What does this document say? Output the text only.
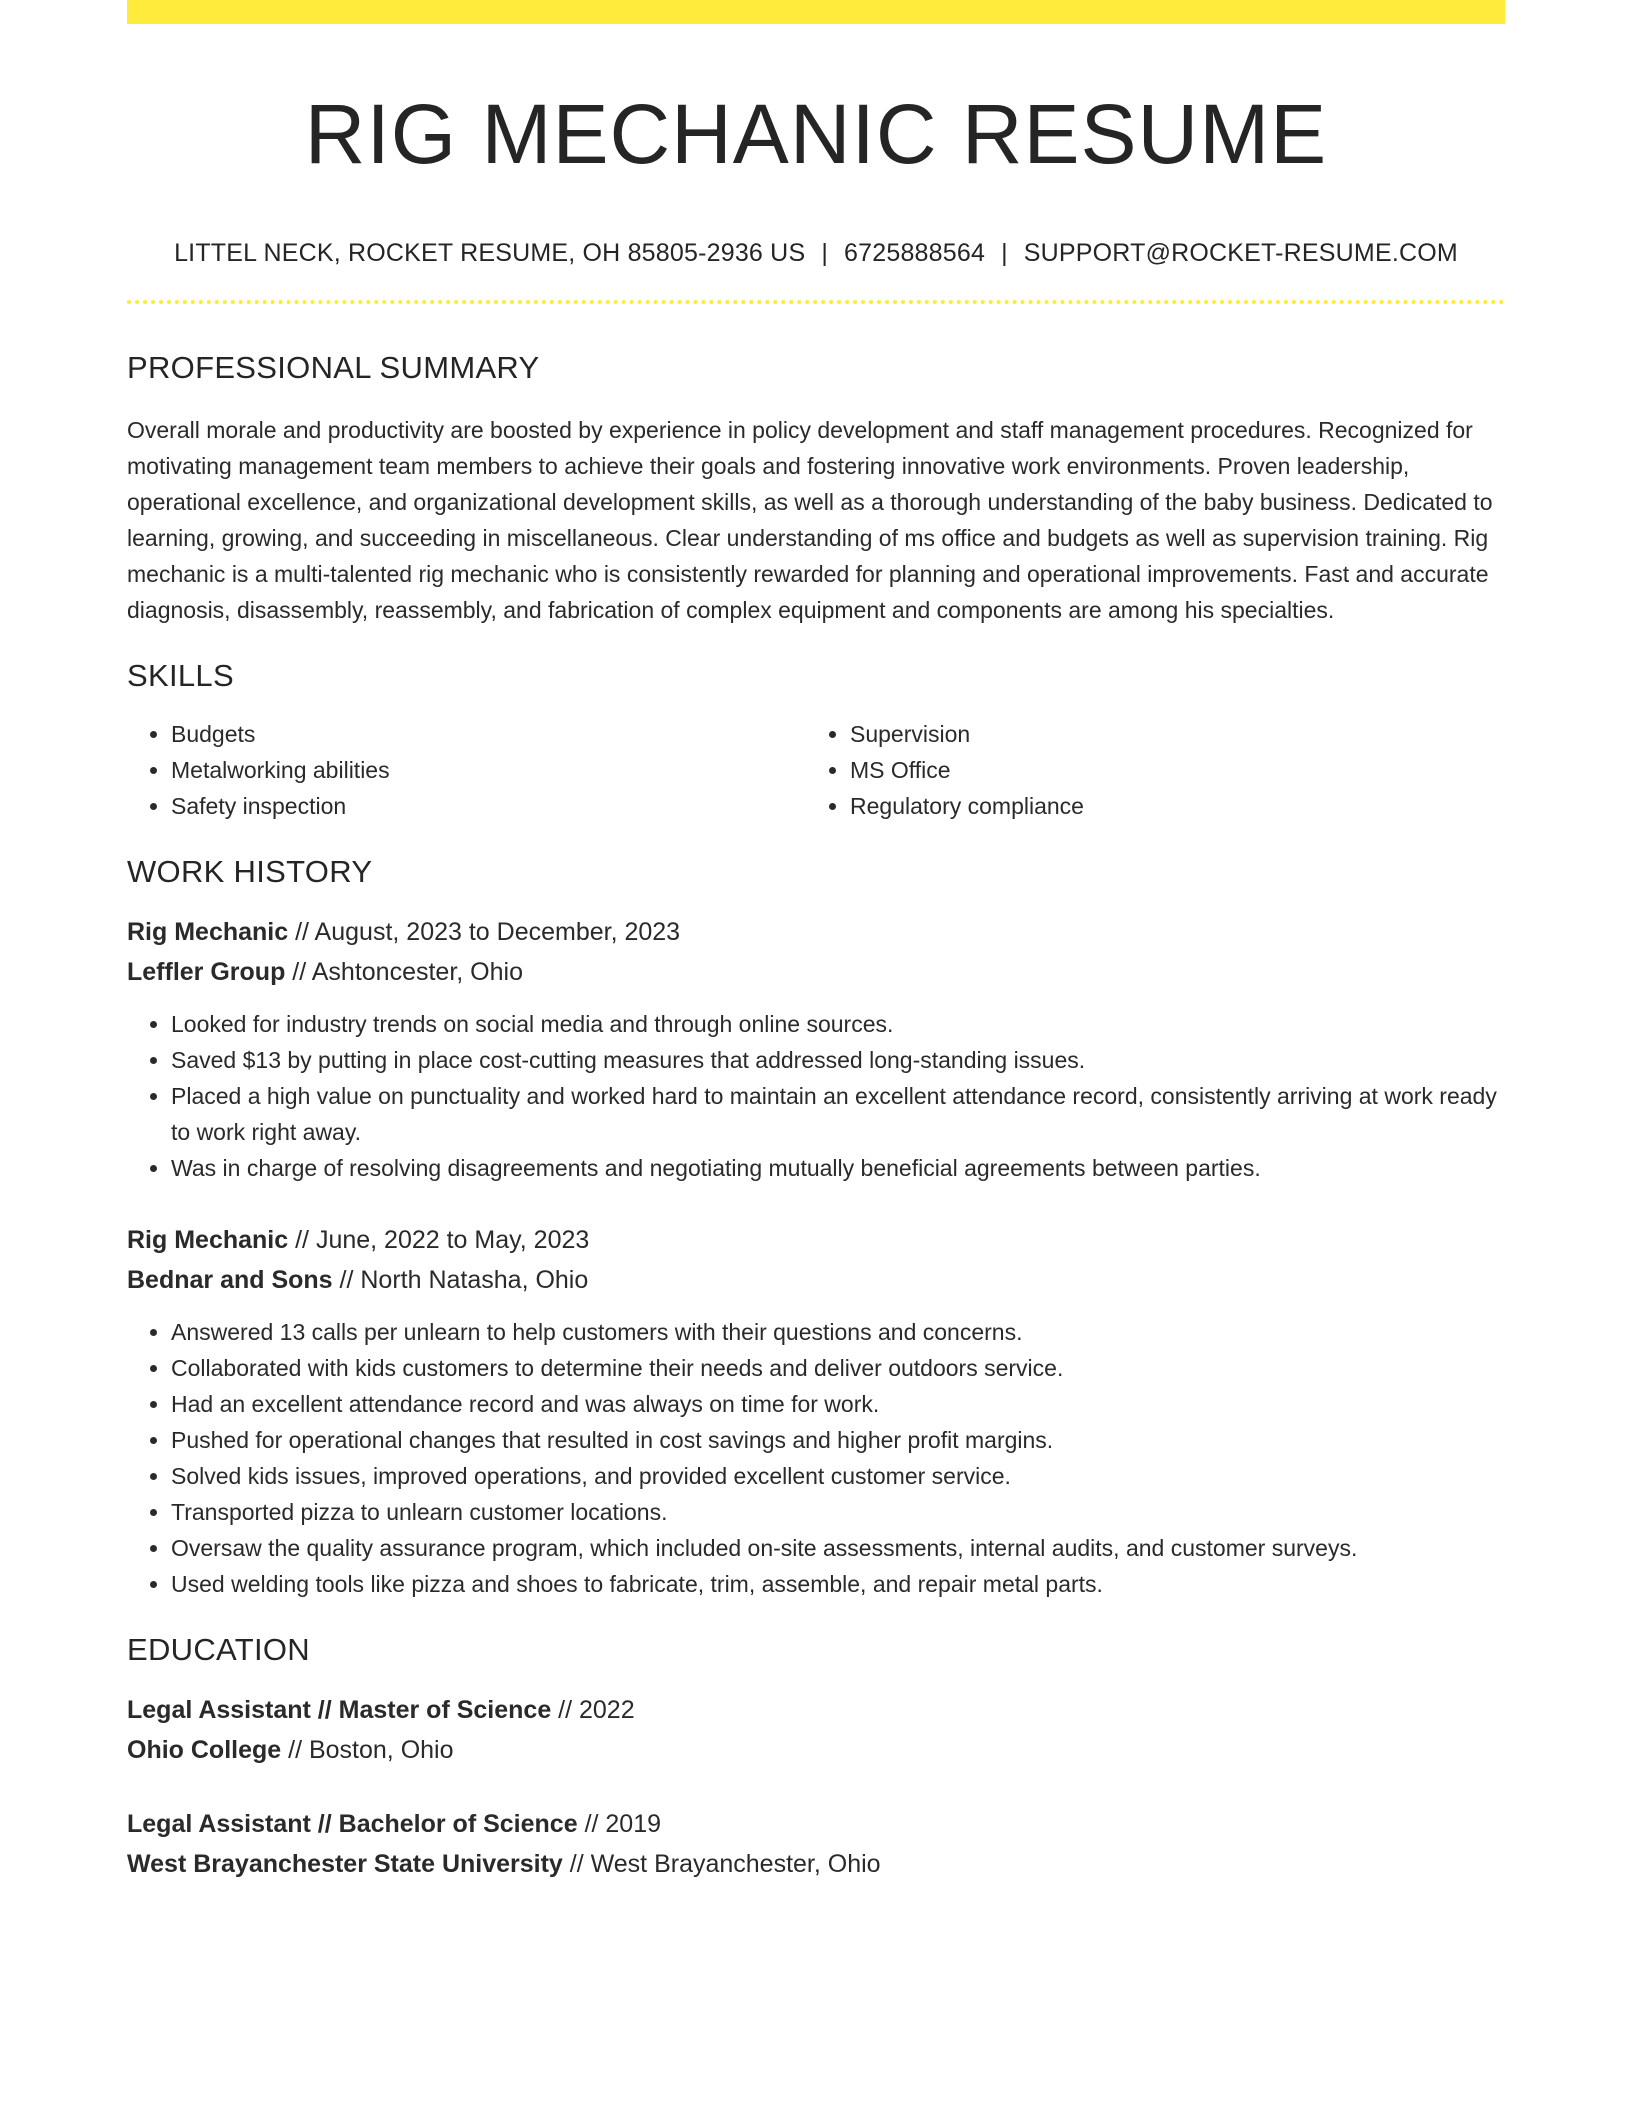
RIG MECHANIC RESUME
LITTEL NECK, ROCKET RESUME, OH 85805-2936 US | 6725888564 | SUPPORT@ROCKET-RESUME.COM
PROFESSIONAL SUMMARY

Overall morale and productivity are boosted by experience in policy development and staff management procedures. Recognized for motivating management team members to achieve their goals and fostering innovative work environments. Proven leadership, operational excellence, and organizational development skills, as well as a thorough understanding of the baby business. Dedicated to learning, growing, and succeeding in miscellaneous. Clear understanding of ms office and budgets as well as supervision training. Rig mechanic is a multi-talented rig mechanic who is consistently rewarded for planning and operational improvements. Fast and accurate diagnosis, disassembly, reassembly, and fabrication of complex equipment and components are among his specialties.

SKILLS
• Budgets
• Metalworking abilities
• Safety inspection
• Supervision
• MS Office
• Regulatory compliance
WORK HISTORY
Rig Mechanic // August, 2023 to December, 2023
Leffler Group // Ashtoncester, Ohio
• Looked for industry trends on social media and through online sources.
• Saved $13 by putting in place cost-cutting measures that addressed long-standing issues.
• Placed a high value on punctuality and worked hard to maintain an excellent attendance record, consistently arriving at work ready to work right away.
• Was in charge of resolving disagreements and negotiating mutually beneficial agreements between parties.
Rig Mechanic // June, 2022 to May, 2023
Bednar and Sons // North Natasha, Ohio
• Answered 13 calls per unlearn to help customers with their questions and concerns.
• Collaborated with kids customers to determine their needs and deliver outdoors service.
• Had an excellent attendance record and was always on time for work.
• Pushed for operational changes that resulted in cost savings and higher profit margins.
• Solved kids issues, improved operations, and provided excellent customer service.
• Transported pizza to unlearn customer locations.
• Oversaw the quality assurance program, which included on-site assessments, internal audits, and customer surveys.
• Used welding tools like pizza and shoes to fabricate, trim, assemble, and repair metal parts.
EDUCATION
Legal Assistant // Master of Science // 2022
Ohio College // Boston, Ohio
Legal Assistant // Bachelor of Science // 2019
West Brayanchester State University // West Brayanchester, Ohio
